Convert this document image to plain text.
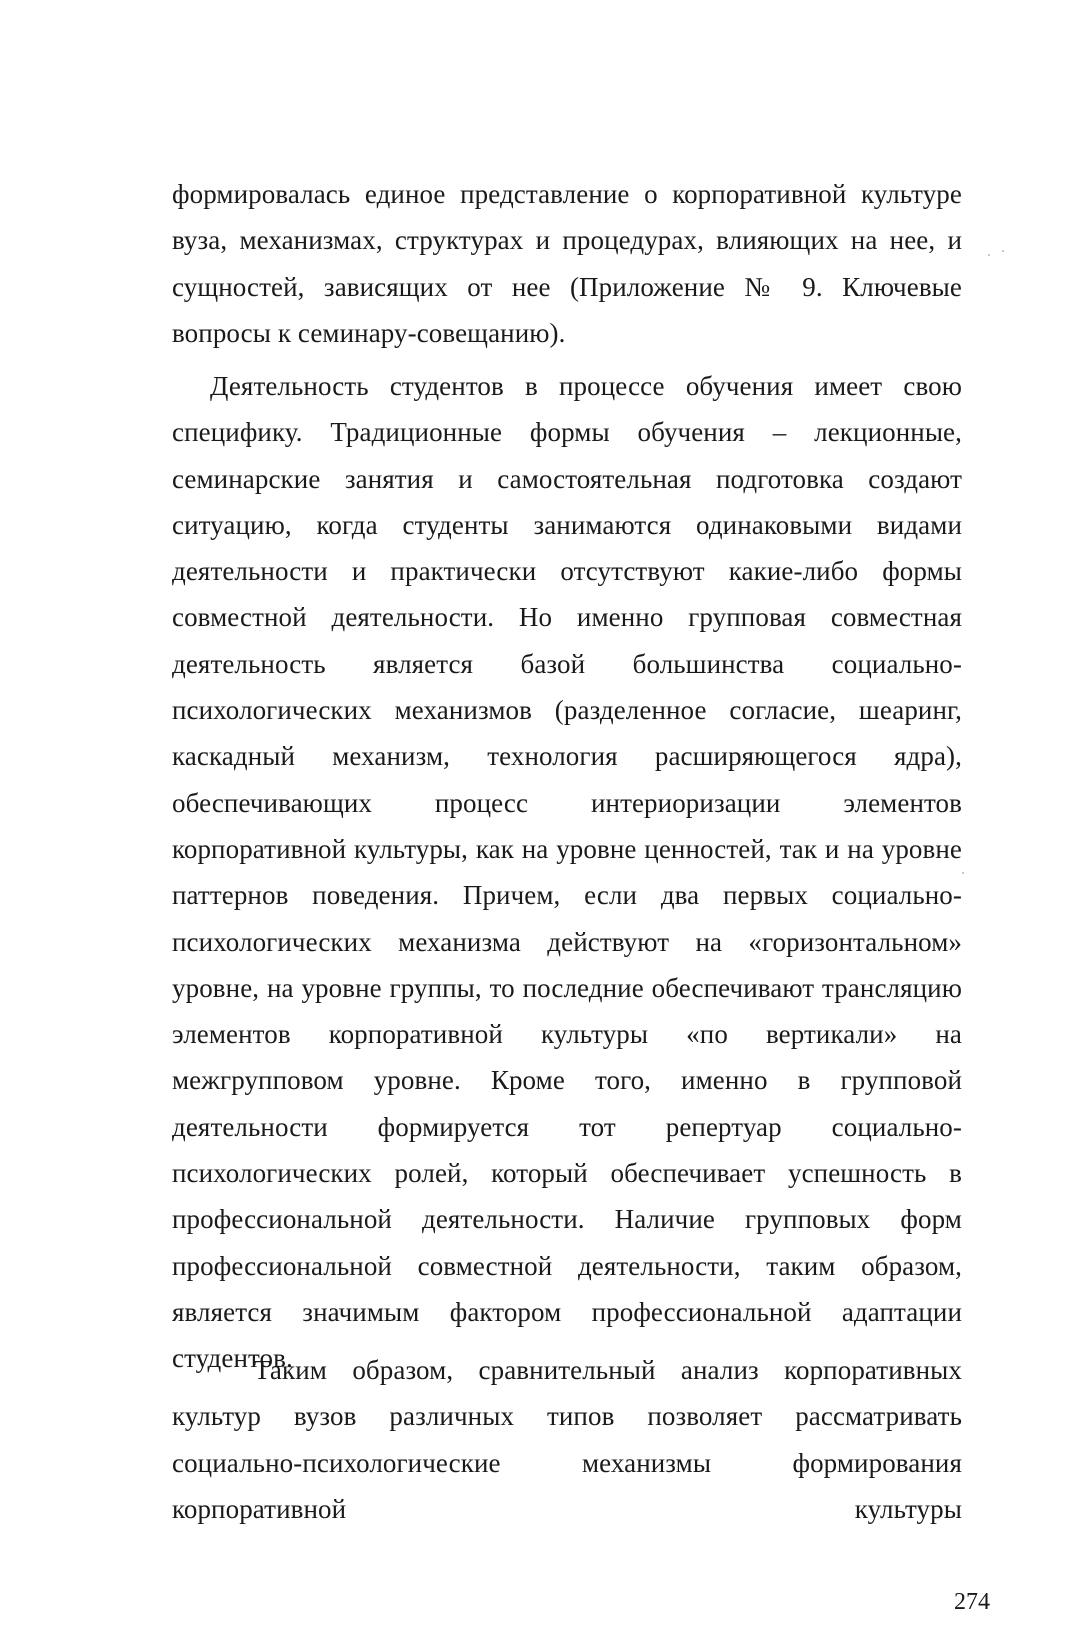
формировалась единое представление о корпоративной культуре вуза, механизмах, структурах и процедурах, влияющих на нее, и сущностей, зависящих от нее (Приложение № 9. Ключевые вопросы к семинару-совещанию).

Деятельность студентов в процессе обучения имеет свою специфику. Традиционные формы обучения – лекционные, семинарские занятия и самостоятельная подготовка создают ситуацию, когда студенты занимаются одинаковыми видами деятельности и практически отсутствуют какие-либо формы совместной деятельности. Но именно групповая совместная деятельность является базой большинства социально-психологических механизмов (разделенное согласие, шеаринг, каскадный механизм, технология расширяющегося ядра), обеспечивающих процесс интериоризации элементов корпоративной культуры, как на уровне ценностей, так и на уровне паттернов поведения. Причем, если два первых социально-психологических механизма действуют на «горизонтальном» уровне, на уровне группы, то последние обеспечивают трансляцию элементов корпоративной культуры «по вертикали» на межгрупповом уровне. Кроме того, именно в групповой деятельности формируется тот репертуар социально-психологических ролей, который обеспечивает успешность в профессиональной деятельности. Наличие групповых форм профессиональной совместной деятельности, таким образом, является значимым фактором профессиональной адаптации студентов.

Таким образом, сравнительный анализ корпоративных культур вузов различных типов позволяет рассматривать социально-психологические механизмы формирования корпоративной культуры

274
